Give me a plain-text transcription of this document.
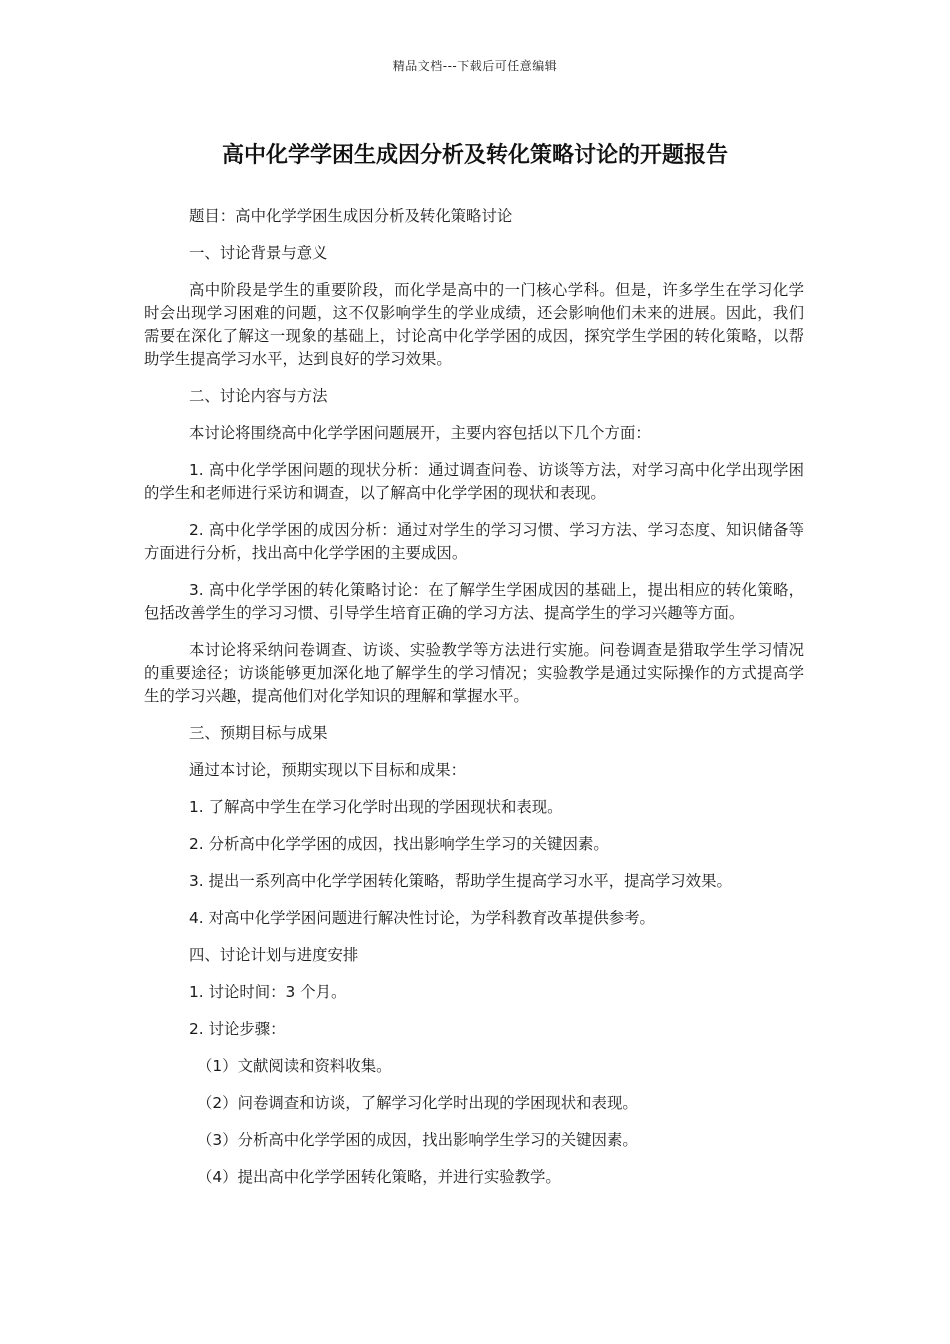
精品文档---下载后可任意编辑
高中化学学困生成因分析及转化策略讨论的开题报告

题目：高中化学学困生成因分析及转化策略讨论

一、讨论背景与意义

高中阶段是学生的重要阶段，而化学是高中的一门核心学科。但是，许多学生在学习化学时会出现学习困难的问题，这不仅影响学生的学业成绩，还会影响他们未来的进展。因此，我们需要在深化了解这一现象的基础上，讨论高中化学学困的成因，探究学生学困的转化策略，以帮助学生提高学习水平，达到良好的学习效果。

二、讨论内容与方法

本讨论将围绕高中化学学困问题展开，主要内容包括以下几个方面：

1. 高中化学学困问题的现状分析：通过调查问卷、访谈等方法，对学习高中化学出现学困的学生和老师进行采访和调查，以了解高中化学学困的现状和表现。

2. 高中化学学困的成因分析：通过对学生的学习习惯、学习方法、学习态度、知识储备等方面进行分析，找出高中化学学困的主要成因。

3. 高中化学学困的转化策略讨论：在了解学生学困成因的基础上，提出相应的转化策略，包括改善学生的学习习惯、引导学生培育正确的学习方法、提高学生的学习兴趣等方面。

本讨论将采纳问卷调查、访谈、实验教学等方法进行实施。问卷调查是猎取学生学习情况的重要途径；访谈能够更加深化地了解学生的学习情况；实验教学是通过实际操作的方式提高学生的学习兴趣，提高他们对化学知识的理解和掌握水平。

三、预期目标与成果

通过本讨论，预期实现以下目标和成果：

1. 了解高中学生在学习化学时出现的学困现状和表现。

2. 分析高中化学学困的成因，找出影响学生学习的关键因素。

3. 提出一系列高中化学学困转化策略，帮助学生提高学习水平，提高学习效果。

4. 对高中化学学困问题进行解决性讨论，为学科教育改革提供参考。

四、讨论计划与进度安排

1. 讨论时间：3 个月。

2. 讨论步骤：

（1）文献阅读和资料收集。

（2）问卷调查和访谈，了解学习化学时出现的学困现状和表现。

（3）分析高中化学学困的成因，找出影响学生学习的关键因素。

（4）提出高中化学学困转化策略，并进行实验教学。
